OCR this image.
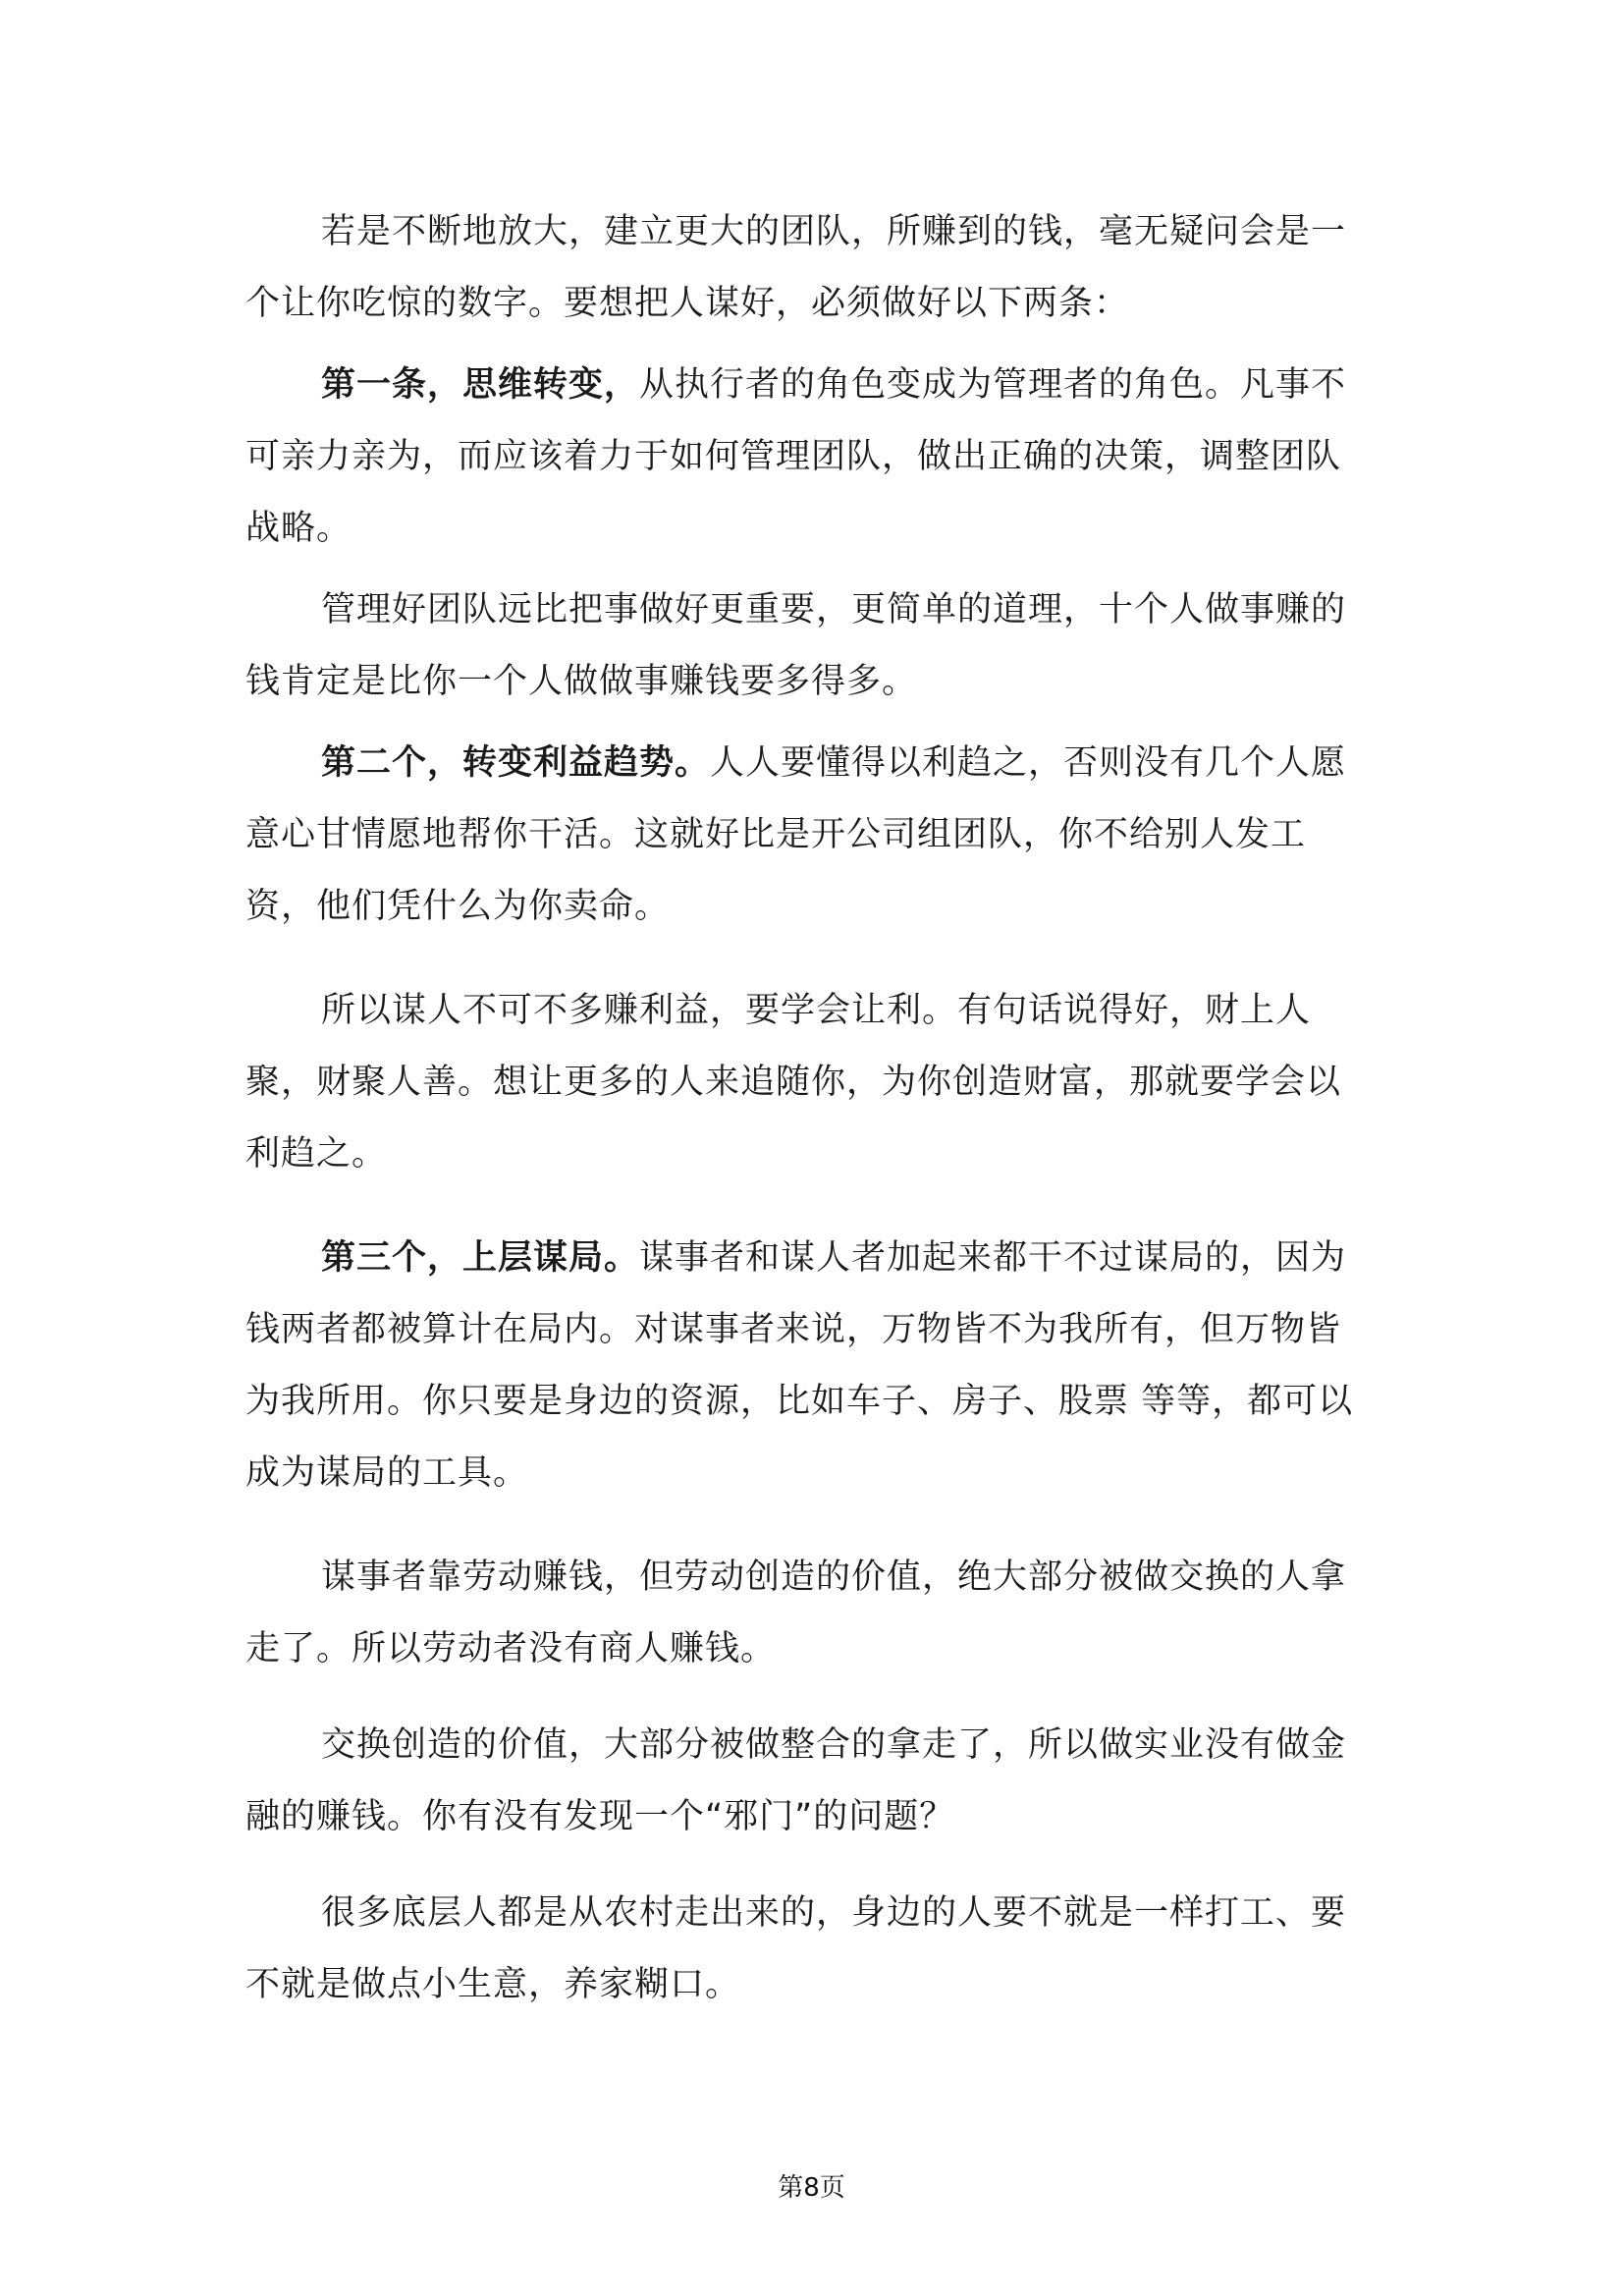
若是不断地放大，建立更大的团队，所赚到的钱，毫无疑问会是一个让你吃惊的数字。要想把人谋好，必须做好以下两条：

第一条，思维转变，从执行者的角色变成为管理者的角色。凡事不可亲力亲为，而应该着力于如何管理团队，做出正确的决策，调整团队战略。

管理好团队远比把事做好更重要，更简单的道理，十个人做事赚的钱肯定是比你一个人做做事赚钱要多得多。

第二个，转变利益趋势。人人要懂得以利趋之，否则没有几个人愿意心甘情愿地帮你干活。这就好比是开公司组团队，你不给别人发工资，他们凭什么为你卖命。

所以谋人不可不多赚利益，要学会让利。有句话说得好，财上人聚，财聚人善。想让更多的人来追随你，为你创造财富，那就要学会以利趋之。

第三个，上层谋局。谋事者和谋人者加起来都干不过谋局的，因为钱两者都被算计在局内。对谋事者来说，万物皆不为我所有，但万物皆为我所用。你只要是身边的资源，比如车子、房子、股票 等等，都可以成为谋局的工具。

谋事者靠劳动赚钱，但劳动创造的价值，绝大部分被做交换的人拿走了。所以劳动者没有商人赚钱。

交换创造的价值，大部分被做整合的拿走了，所以做实业没有做金融的赚钱。你有没有发现一个“邪门”的问题？

很多底层人都是从农村走出来的，身边的人要不就是一样打工、要不就是做点小生意，养家糊口。

第8页
